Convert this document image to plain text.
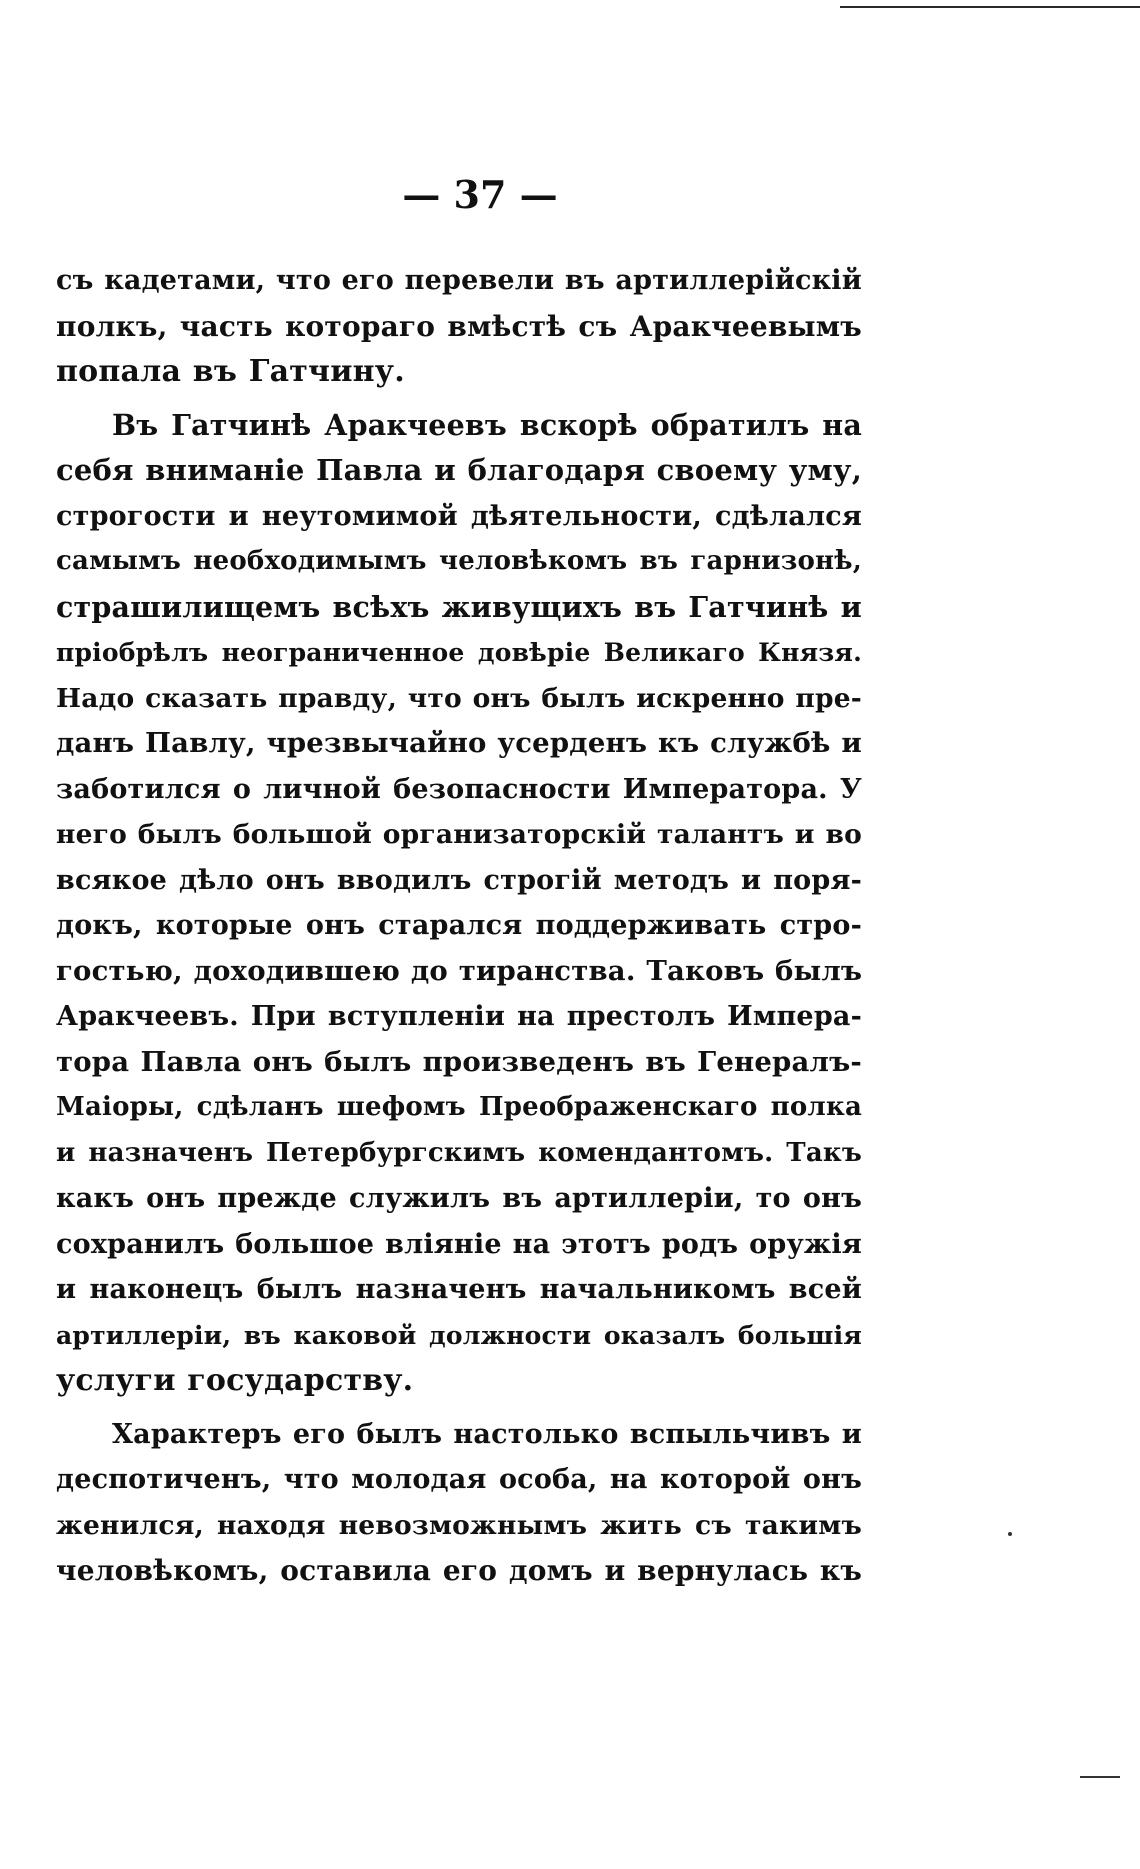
— 37 —
съ кадетами, что его перевели въ артиллерійскій
полкъ, часть котораго вмѣстѣ съ Аракчеевымъ
попала въ Гатчину.
Въ Гатчинѣ Аракчеевъ вскорѣ обратилъ на
себя вниманіе Павла и благодаря своему уму,
строгости и неутомимой дѣятельности, сдѣлался
самымъ необходимымъ человѣкомъ въ гарнизонѣ,
страшилищемъ всѣхъ живущихъ въ Гатчинѣ и
пріобрѣлъ неограниченное довѣріе Великаго Князя.
Надо сказать правду, что онъ былъ искренно пре-
данъ Павлу, чрезвычайно усерденъ къ службѣ и
заботился о личной безопасности Императора. У
него былъ большой организаторскій талантъ и во
всякое дѣло онъ вводилъ строгій методъ и поря-
докъ, которые онъ старался поддерживать стро-
гостью, доходившею до тиранства. Таковъ былъ
Аракчеевъ. При вступленіи на престолъ Импера-
тора Павла онъ былъ произведенъ въ Генералъ-
Маіоры, сдѣланъ шефомъ Преображенскаго полка
и назначенъ Петербургскимъ комендантомъ. Такъ
какъ онъ прежде служилъ въ артиллеріи, то онъ
сохранилъ большое вліяніе на этотъ родъ оружія
и наконецъ былъ назначенъ начальникомъ всей
артиллеріи, въ каковой должности оказалъ большія
услуги государству.
Характеръ его былъ настолько вспыльчивъ и
деспотиченъ, что молодая особа, на которой онъ
женился, находя невозможнымъ жить съ такимъ
человѣкомъ, оставила его домъ и вернулась къ
